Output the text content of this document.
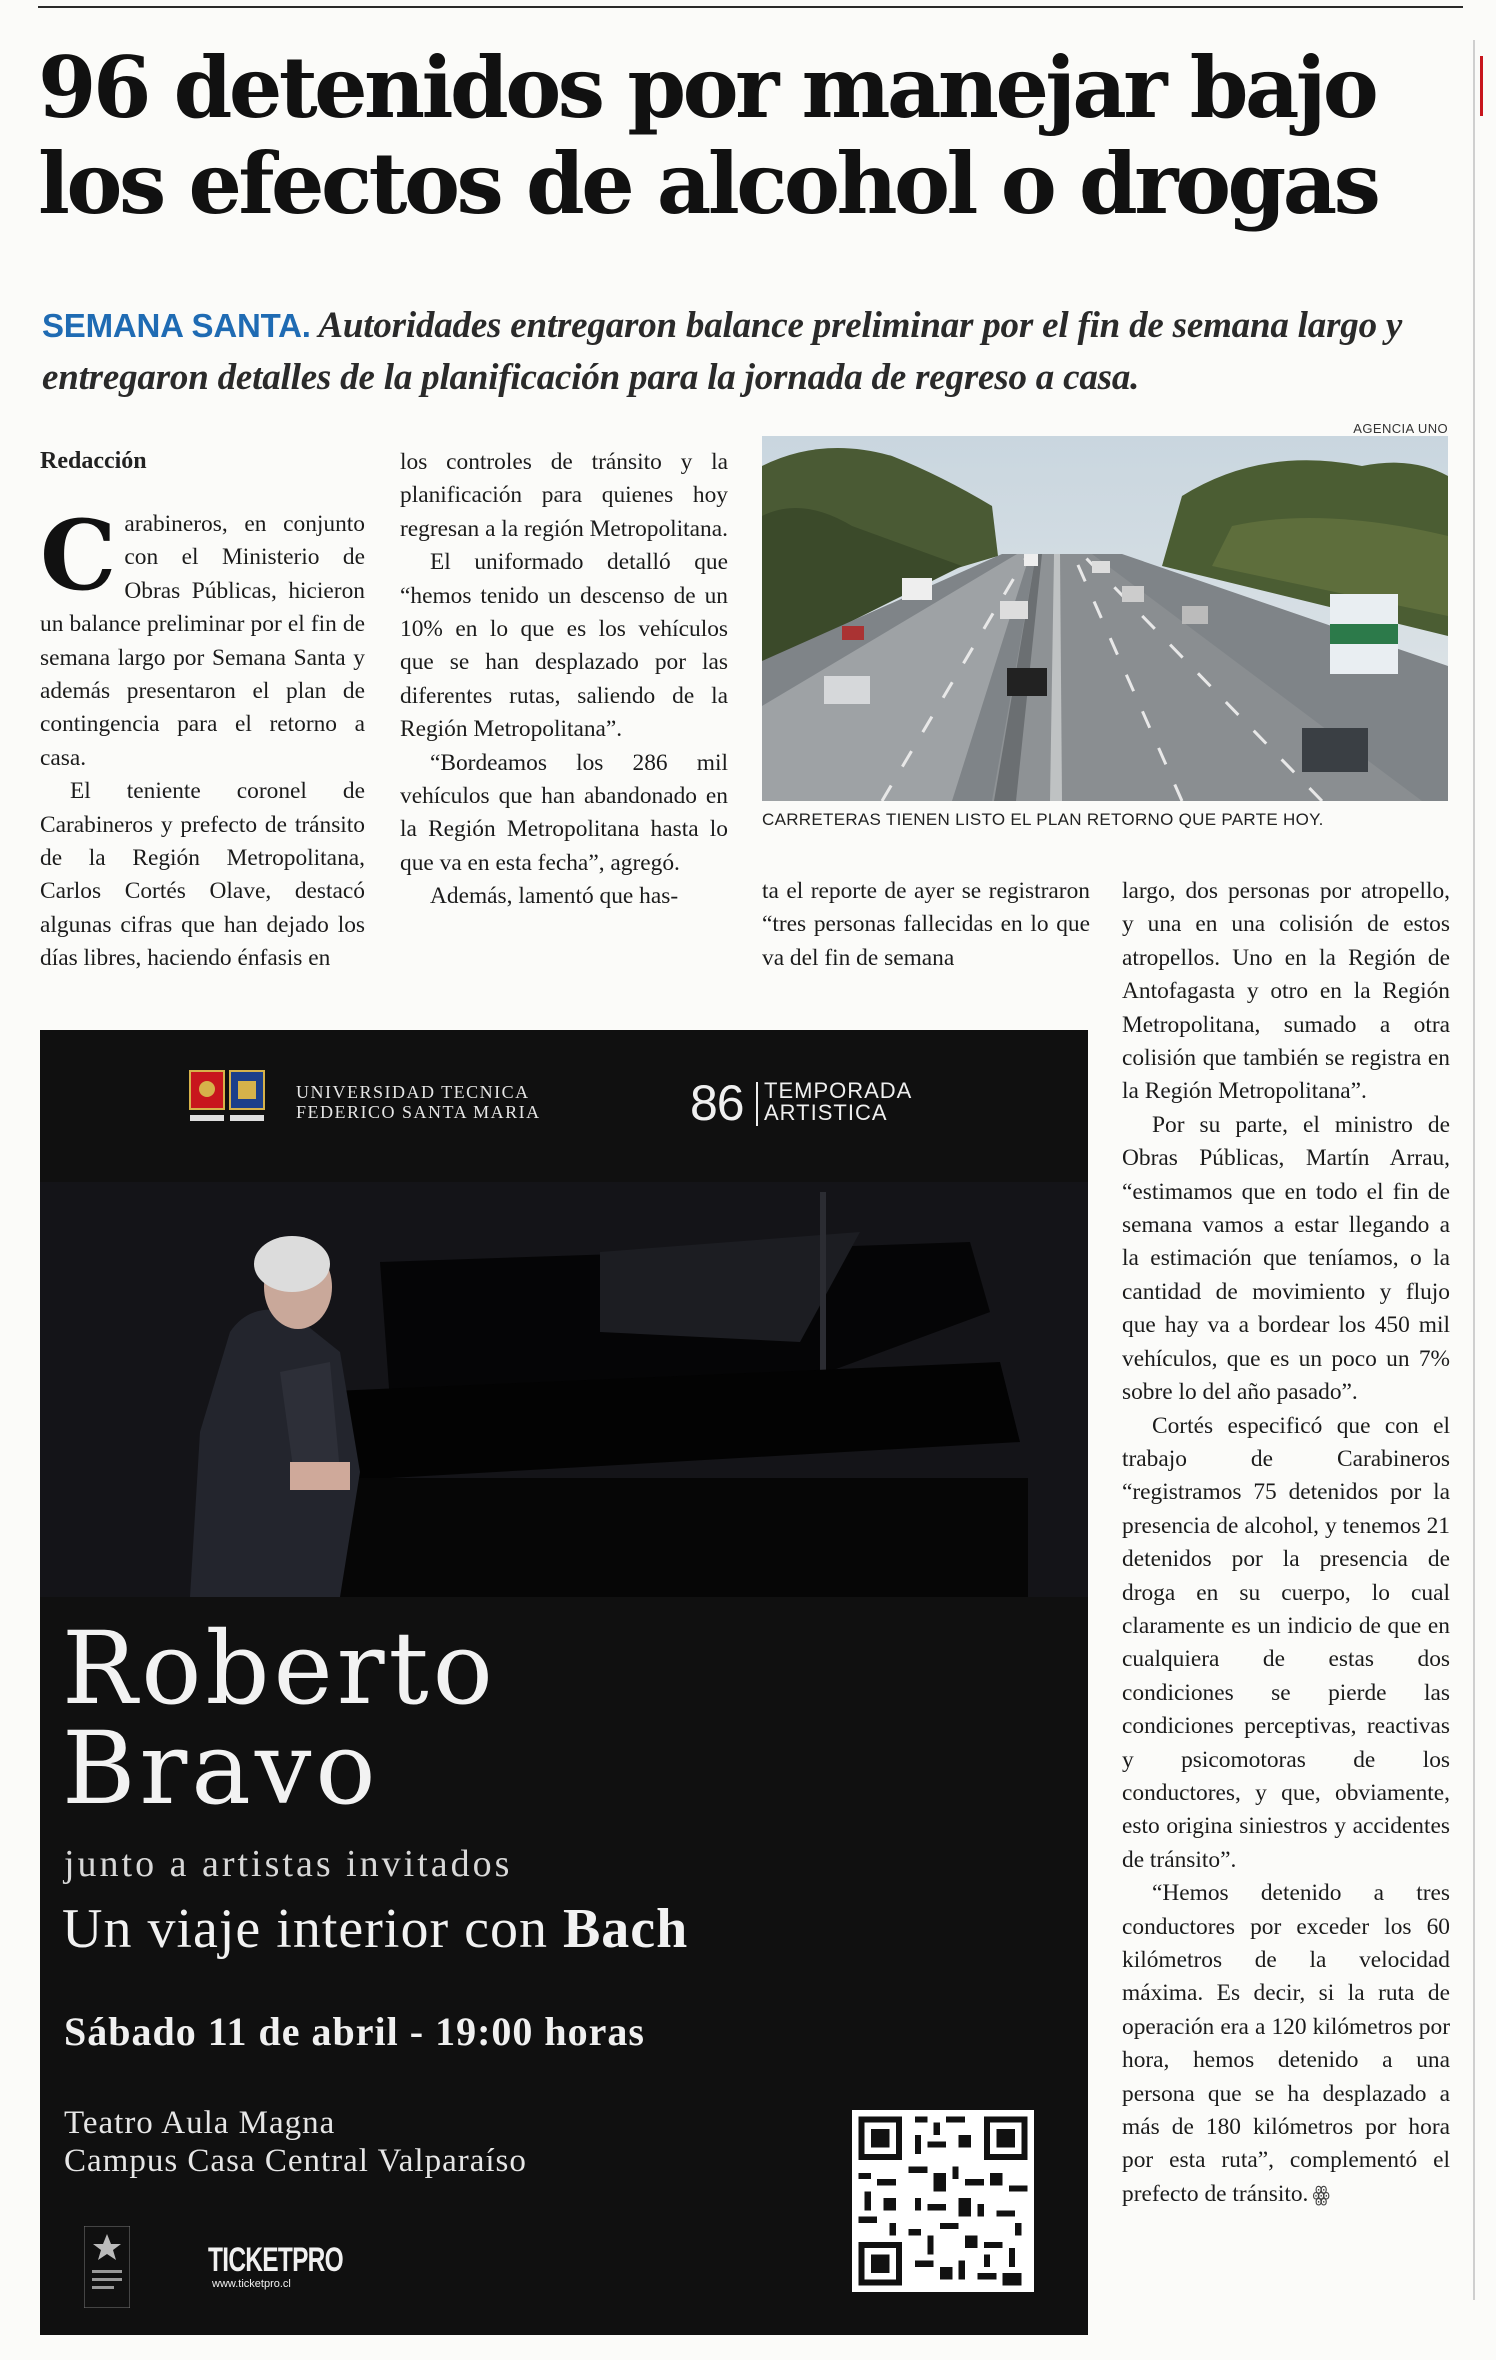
96 detenidos por manejar bajo los efectos de alcohol o drogas
SEMANA SANTA. Autoridades entregaron balance preliminar por el fin de semana largo y entregaron detalles de la planificación para la jornada de regreso a casa.
Redacción

Carabineros, en conjunto con el Ministerio de Obras Públicas, hicieron un balance preliminar por el fin de semana largo por Semana Santa y además presentaron el plan de contingencia para el retorno a casa.

El teniente coronel de Carabineros y prefecto de tránsito de la Región Metropolitana, Carlos Cortés Olave, destacó algunas cifras que han dejado los días libres, haciendo énfasis en

los controles de tránsito y la planificación para quienes hoy regresan a la región Metropolitana.

El uniformado detalló que “hemos tenido un descenso de un 10% en lo que es los vehículos que se han desplazado por las diferentes rutas, saliendo de la Región Metropolitana”.

“Bordeamos los 286 mil vehículos que han abandonado en la Región Metropolitana hasta lo que va en esta fecha”, agregó.

Además, lamentó que has-

AGENCIA UNO
CARRETERAS TIENEN LISTO EL PLAN RETORNO QUE PARTE HOY.

ta el reporte de ayer se registraron “tres personas fallecidas en lo que va del fin de semana

largo, dos personas por atropello, y una en una colisión de estos atropellos. Uno en la Región de Antofagasta y otro en la Región Metropolitana, sumado a otra colisión que también se registra en la Región Metropolitana”.

Por su parte, el ministro de Obras Públicas, Martín Arrau, “estimamos que en todo el fin de semana vamos a estar llegando a la estimación que teníamos, o la cantidad de movimiento y flujo que hay va a bordear los 450 mil vehículos, que es un poco un 7% sobre lo del año pasado”.

Cortés especificó que con el trabajo de Carabineros “registramos 75 detenidos por la presencia de alcohol, y tenemos 21 detenidos por la presencia de droga en su cuerpo, lo cual claramente es un indicio de que en cualquiera de estas dos condiciones se pierde las condiciones perceptivas, reactivas y psicomotoras de los conductores, y que, obviamente, esto origina siniestros y accidentes de tránsito”.

“Hemos detenido a tres conductores por exceder los 60 kilómetros de la velocidad máxima. Es decir, si la ruta de operación era a 120 kilómetros por hora, hemos detenido a una persona que se ha desplazado a más de 180 kilómetros por hora por esta ruta”, complementó el prefecto de tránsito. ꙮ

UNIVERSIDAD TECNICA
FEDERICO SANTA MARIA	86 TEMPORADA
ARTISTICA
Roberto
Bravo
junto a artistas invitados
Un viaje interior con Bach
Sábado 11 de abril - 19:00 horas
Teatro Aula Magna
Campus Casa Central Valparaíso
TICKETPRO
www.ticketpro.cl
